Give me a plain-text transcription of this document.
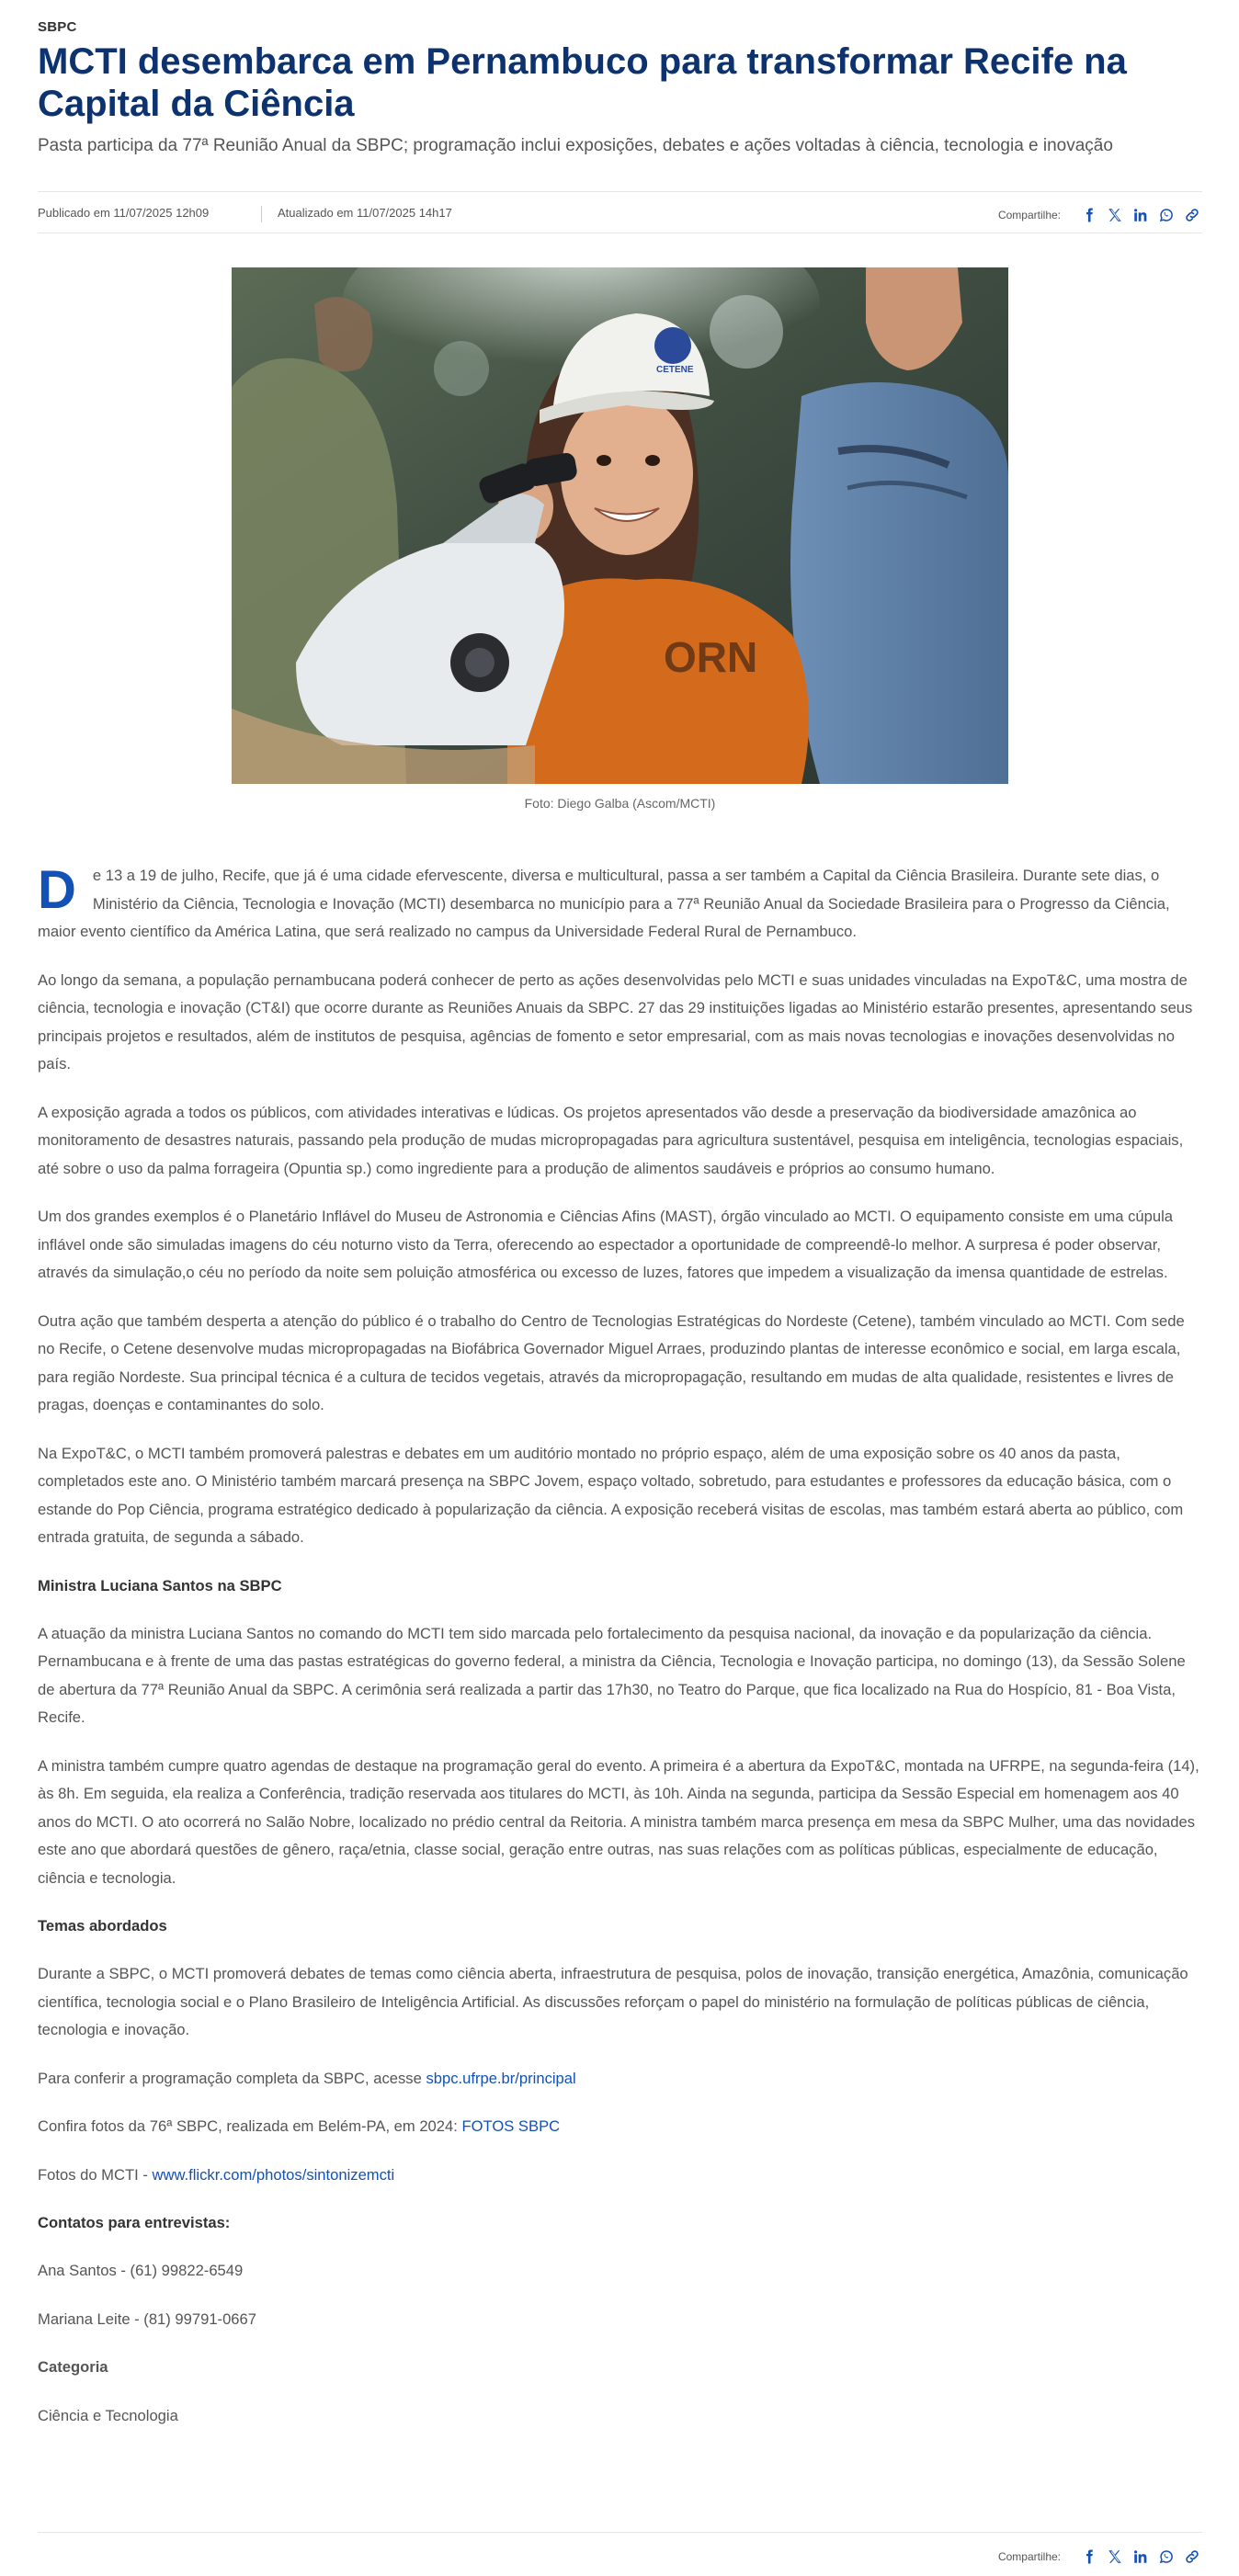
SBPC
MCTI desembarca em Pernambuco para transformar Recife na Capital da Ciência
Pasta participa da 77ª Reunião Anual da SBPC; programação inclui exposições, debates e ações voltadas à ciência, tecnologia e inovação
Publicado em 11/07/2025 12h09	Atualizado em 11/07/2025 14h17	Compartilhe:
ORN
CETENE
Foto: Diego Galba (Ascom/MCTI)

D e 13 a 19 de julho, Recife, que já é uma cidade efervescente, diversa e multicultural, passa a ser também a Capital da Ciência Brasileira. Durante sete dias, o Ministério da Ciência, Tecnologia e Inovação (MCTI) desembarca no município para a 77ª Reunião Anual da Sociedade Brasileira para o Progresso da Ciência, maior evento científico da América Latina, que será realizado no campus da Universidade Federal Rural de Pernambuco.

Ao longo da semana, a população pernambucana poderá conhecer de perto as ações desenvolvidas pelo MCTI e suas unidades vinculadas na ExpoT&C, uma mostra de ciência, tecnologia e inovação (CT&I) que ocorre durante as Reuniões Anuais da SBPC. 27 das 29 instituições ligadas ao Ministério estarão presentes, apresentando seus principais projetos e resultados, além de institutos de pesquisa, agências de fomento e setor empresarial, com as mais novas tecnologias e inovações desenvolvidas no país.

A exposição agrada a todos os públicos, com atividades interativas e lúdicas. Os projetos apresentados vão desde a preservação da biodiversidade amazônica ao monitoramento de desastres naturais, passando pela produção de mudas micropropagadas para agricultura sustentável, pesquisa em inteligência, tecnologias espaciais, até sobre o uso da palma forrageira (Opuntia sp.) como ingrediente para a produção de alimentos saudáveis e próprios ao consumo humano.

Um dos grandes exemplos é o Planetário Inflável do Museu de Astronomia e Ciências Afins (MAST), órgão vinculado ao MCTI. O equipamento consiste em uma cúpula inflável onde são simuladas imagens do céu noturno visto da Terra, oferecendo ao espectador a oportunidade de compreendê-lo melhor. A surpresa é poder observar, através da simulação,o céu no período da noite sem poluição atmosférica ou excesso de luzes, fatores que impedem a visualização da imensa quantidade de estrelas.

Outra ação que também desperta a atenção do público é o trabalho do Centro de Tecnologias Estratégicas do Nordeste (Cetene), também vinculado ao MCTI. Com sede no Recife, o Cetene desenvolve mudas micropropagadas na Biofábrica Governador Miguel Arraes, produzindo plantas de interesse econômico e social, em larga escala, para região Nordeste. Sua principal técnica é a cultura de tecidos vegetais, através da micropropagação, resultando em mudas de alta qualidade, resistentes e livres de pragas, doenças e contaminantes do solo.

Na ExpoT&C, o MCTI também promoverá palestras e debates em um auditório montado no próprio espaço, além de uma exposição sobre os 40 anos da pasta, completados este ano. O Ministério também marcará presença na SBPC Jovem, espaço voltado, sobretudo, para estudantes e professores da educação básica, com o estande do Pop Ciência, programa estratégico dedicado à popularização da ciência. A exposição receberá visitas de escolas, mas também estará aberta ao público, com entrada gratuita, de segunda a sábado.

Ministra Luciana Santos na SBPC

A atuação da ministra Luciana Santos no comando do MCTI tem sido marcada pelo fortalecimento da pesquisa nacional, da inovação e da popularização da ciência. Pernambucana e à frente de uma das pastas estratégicas do governo federal, a ministra da Ciência, Tecnologia e Inovação participa, no domingo (13), da Sessão Solene de abertura da 77ª Reunião Anual da SBPC. A cerimônia será realizada a partir das 17h30, no Teatro do Parque, que fica localizado na Rua do Hospício, 81 - Boa Vista, Recife.

A ministra também cumpre quatro agendas de destaque na programação geral do evento. A primeira é a abertura da ExpoT&C, montada na UFRPE, na segunda-feira (14), às 8h. Em seguida, ela realiza a Conferência, tradição reservada aos titulares do MCTI, às 10h. Ainda na segunda, participa da Sessão Especial em homenagem aos 40 anos do MCTI. O ato ocorrerá no Salão Nobre, localizado no prédio central da Reitoria. A ministra também marca presença em mesa da SBPC Mulher, uma das novidades este ano que abordará questões de gênero, raça/etnia, classe social, geração entre outras, nas suas relações com as políticas públicas, especialmente de educação, ciência e tecnologia.

Temas abordados

Durante a SBPC, o MCTI promoverá debates de temas como ciência aberta, infraestrutura de pesquisa, polos de inovação, transição energética, Amazônia, comunicação científica, tecnologia social e o Plano Brasileiro de Inteligência Artificial. As discussões reforçam o papel do ministério na formulação de políticas públicas de ciência, tecnologia e inovação.

Para conferir a programação completa da SBPC, acesse sbpc.ufrpe.br/principal

Confira fotos da 76ª SBPC, realizada em Belém-PA, em 2024: FOTOS SBPC

Fotos do MCTI - www.flickr.com/photos/sintonizemcti

Contatos para entrevistas:

Ana Santos - (61) 99822-6549

Mariana Leite - (81) 99791-0667

Categoria

Ciência e Tecnologia

Compartilhe:
